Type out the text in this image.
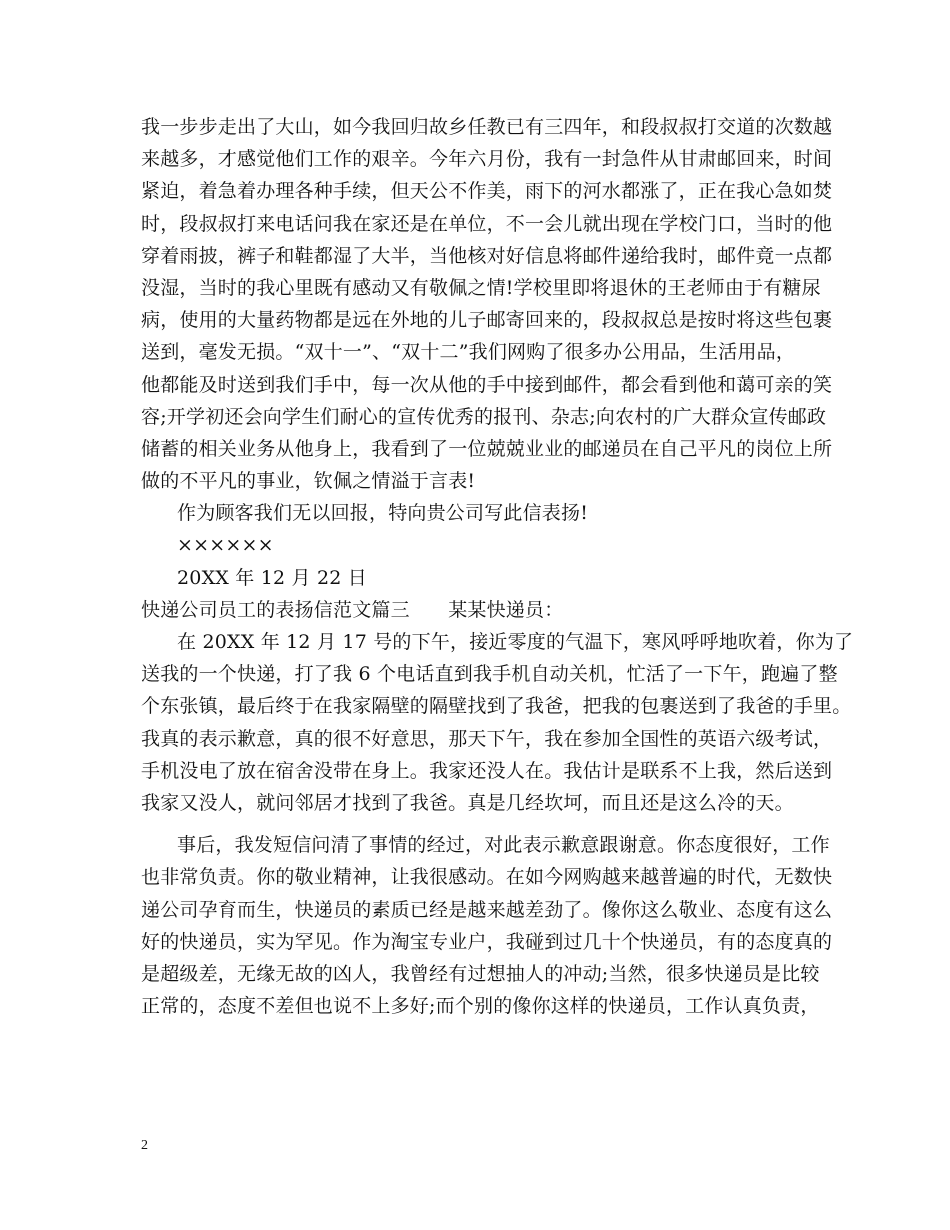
我一步步走出了大山，如今我回归故乡任教已有三四年，和段叔叔打交道的次数越
来越多，才感觉他们工作的艰辛。今年六月份，我有一封急件从甘肃邮回来，时间
紧迫，着急着办理各种手续，但天公不作美，雨下的河水都涨了，正在我心急如焚
时，段叔叔打来电话问我在家还是在单位，不一会儿就出现在学校门口，当时的他
穿着雨披，裤子和鞋都湿了大半，当他核对好信息将邮件递给我时，邮件竟一点都
没湿，当时的我心里既有感动又有敬佩之情!学校里即将退休的王老师由于有糖尿
病，使用的大量药物都是远在外地的儿子邮寄回来的，段叔叔总是按时将这些包裹
送到，毫发无损。“双十一”、“双十二”我们网购了很多办公用品，生活用品，
他都能及时送到我们手中，每一次从他的手中接到邮件，都会看到他和蔼可亲的笑
容;开学初还会向学生们耐心的宣传优秀的报刊、杂志;向农村的广大群众宣传邮政
储蓄的相关业务从他身上，我看到了一位兢兢业业的邮递员在自己平凡的岗位上所
做的不平凡的事业，钦佩之情溢于言表!
作为顾客我们无以回报，特向贵公司写此信表扬!
××××××
20XX 年 12 月 22 日
快递公司员工的表扬信范文篇三　　某某快递员：
在 20XX 年 12 月 17 号的下午，接近零度的气温下，寒风呼呼地吹着，你为了
送我的一个快递，打了我 6 个电话直到我手机自动关机，忙活了一下午，跑遍了整
个东张镇，最后终于在我家隔壁的隔壁找到了我爸，把我的包裹送到了我爸的手里。
我真的表示歉意，真的很不好意思，那天下午，我在参加全国性的英语六级考试，
手机没电了放在宿舍没带在身上。我家还没人在。我估计是联系不上我，然后送到
我家又没人，就问邻居才找到了我爸。真是几经坎坷，而且还是这么冷的天。
事后，我发短信问清了事情的经过，对此表示歉意跟谢意。你态度很好，工作
也非常负责。你的敬业精神，让我很感动。在如今网购越来越普遍的时代，无数快
递公司孕育而生，快递员的素质已经是越来越差劲了。像你这么敬业、态度有这么
好的快递员，实为罕见。作为淘宝专业户，我碰到过几十个快递员，有的态度真的
是超级差，无缘无故的凶人，我曾经有过想抽人的冲动;当然，很多快递员是比较
正常的，态度不差但也说不上多好;而个别的像你这样的快递员，工作认真负责，
2
